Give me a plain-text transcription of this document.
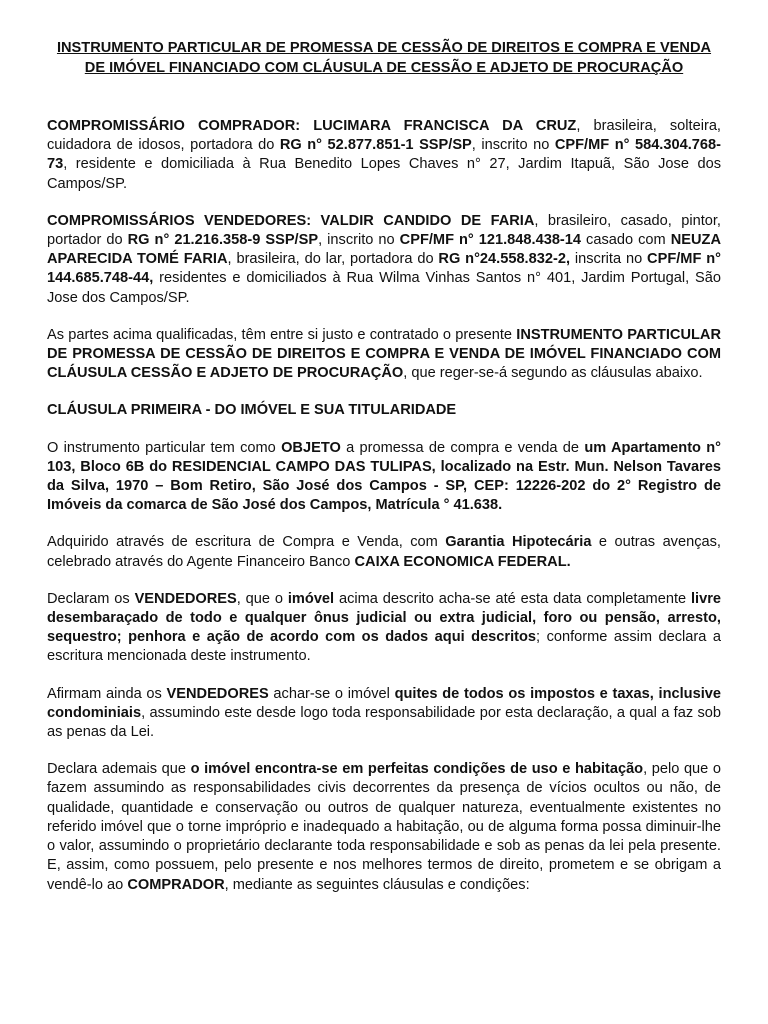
INSTRUMENTO PARTICULAR DE PROMESSA DE CESSÃO DE DIREITOS E COMPRA E VENDA
DE IMÓVEL FINANCIADO COM CLÁUSULA DE CESSÃO E ADJETO DE PROCURAÇÃO

COMPROMISSÁRIO COMPRADOR: LUCIMARA FRANCISCA DA CRUZ, brasileira, solteira, cuidadora de idosos, portadora do RG n° 52.877.851-1 SSP/SP, inscrito no CPF/MF n° 584.304.768-73, residente e domiciliada à Rua Benedito Lopes Chaves n° 27, Jardim Itapuã, São Jose dos Campos/SP.

COMPROMISSÁRIOS VENDEDORES: VALDIR CANDIDO DE FARIA, brasileiro, casado, pintor, portador do RG n° 21.216.358-9 SSP/SP, inscrito no CPF/MF n° 121.848.438-14 casado com NEUZA APARECIDA TOMÉ FARIA, brasileira, do lar, portadora do RG n°24.558.832-2, inscrita no CPF/MF n° 144.685.748-44, residentes e domiciliados à Rua Wilma Vinhas Santos n° 401, Jardim Portugal, São Jose dos Campos/SP.

As partes acima qualificadas, têm entre si justo e contratado o presente INSTRUMENTO PARTICULAR DE PROMESSA DE CESSÃO DE DIREITOS E COMPRA E VENDA DE IMÓVEL FINANCIADO COM CLÁUSULA CESSÃO E ADJETO DE PROCURAÇÃO, que reger-se-á segundo as cláusulas abaixo.

CLÁUSULA PRIMEIRA - DO IMÓVEL E SUA TITULARIDADE

O instrumento particular tem como OBJETO a promessa de compra e venda de um Apartamento n° 103, Bloco 6B do RESIDENCIAL CAMPO DAS TULIPAS, localizado na Estr. Mun. Nelson Tavares da Silva, 1970 – Bom Retiro, São José dos Campos - SP, CEP: 12226-202 do 2° Registro de Imóveis da comarca de São José dos Campos, Matrícula ° 41.638.

Adquirido através de escritura de Compra e Venda, com Garantia Hipotecária e outras avenças, celebrado através do Agente Financeiro Banco CAIXA ECONOMICA FEDERAL.

Declaram os VENDEDORES, que o imóvel acima descrito acha-se até esta data completamente livre desembaraçado de todo e qualquer ônus judicial ou extra judicial, foro ou pensão, arresto, sequestro; penhora e ação de acordo com os dados aqui descritos; conforme assim declara a escritura mencionada deste instrumento.

Afirmam ainda os VENDEDORES achar-se o imóvel quites de todos os impostos e taxas, inclusive condominiais, assumindo este desde logo toda responsabilidade por esta declaração, a qual a faz sob as penas da Lei.

Declara ademais que o imóvel encontra-se em perfeitas condições de uso e habitação, pelo que o fazem assumindo as responsabilidades civis decorrentes da presença de vícios ocultos ou não, de qualidade, quantidade e conservação ou outros de qualquer natureza, eventualmente existentes no referido imóvel que o torne impróprio e inadequado a habitação, ou de alguma forma possa diminuir-lhe o valor, assumindo o proprietário declarante toda responsabilidade e sob as penas da lei pela presente. E, assim, como possuem, pelo presente e nos melhores termos de direito, prometem e se obrigam a vendê-lo ao COMPRADOR, mediante as seguintes cláusulas e condições:
